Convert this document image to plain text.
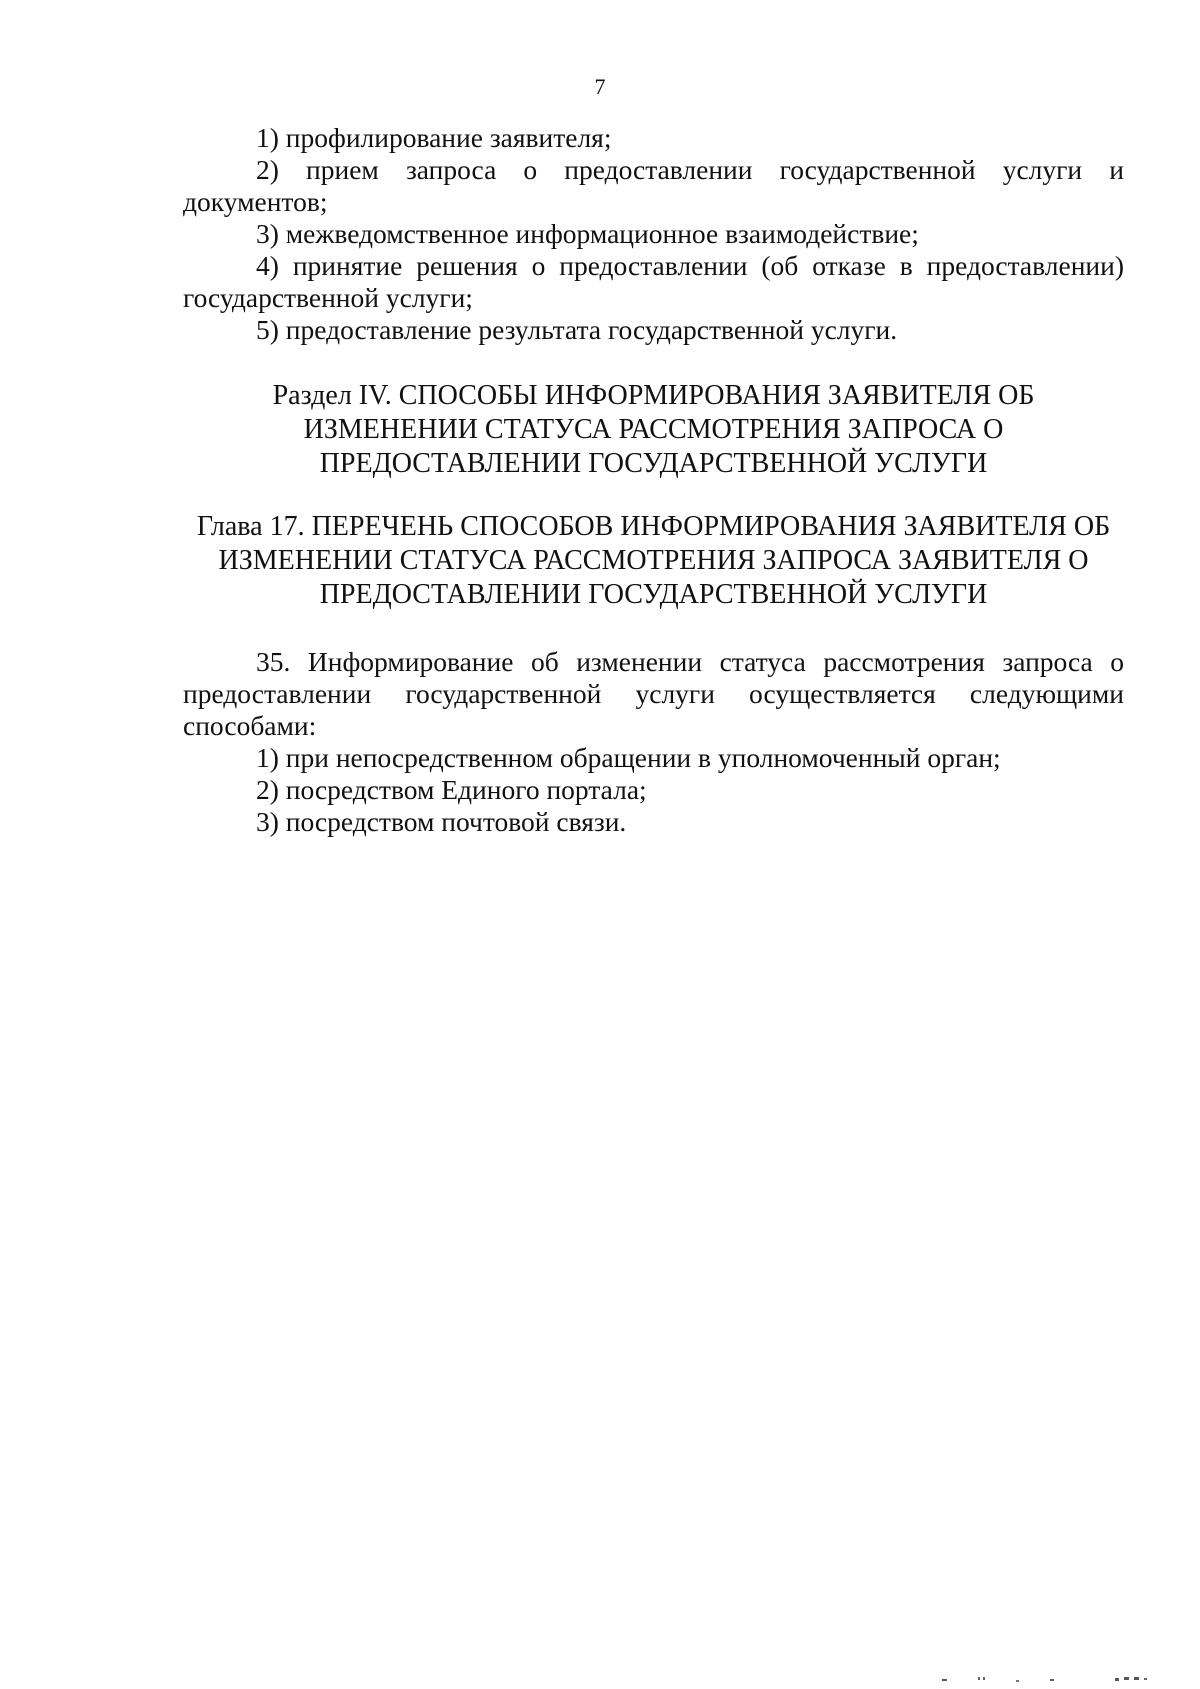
7

1) профилирование заявителя;

2) прием запроса о предоставлении государственной услуги и документов;

3) межведомственное информационное взаимодействие;

4) принятие решения о предоставлении (об отказе в предоставлении) государственной услуги;

5) предоставление результата государственной услуги.

Раздел IV. СПОСОБЫ ИНФОРМИРОВАНИЯ ЗАЯВИТЕЛЯ ОБ
ИЗМЕНЕНИИ СТАТУСА РАССМОТРЕНИЯ ЗАПРОСА О
ПРЕДОСТАВЛЕНИИ ГОСУДАРСТВЕННОЙ УСЛУГИ
Глава 17. ПЕРЕЧЕНЬ СПОСОБОВ ИНФОРМИРОВАНИЯ ЗАЯВИТЕЛЯ ОБ
ИЗМЕНЕНИИ СТАТУСА РАССМОТРЕНИЯ ЗАПРОСА ЗАЯВИТЕЛЯ О
ПРЕДОСТАВЛЕНИИ ГОСУДАРСТВЕННОЙ УСЛУГИ

35. Информирование об изменении статуса рассмотрения запроса о предоставлении государственной услуги осуществляется следующими способами:

1) при непосредственном обращении в уполномоченный орган;

2) посредством Единого портала;

3) посредством почтовой связи.
